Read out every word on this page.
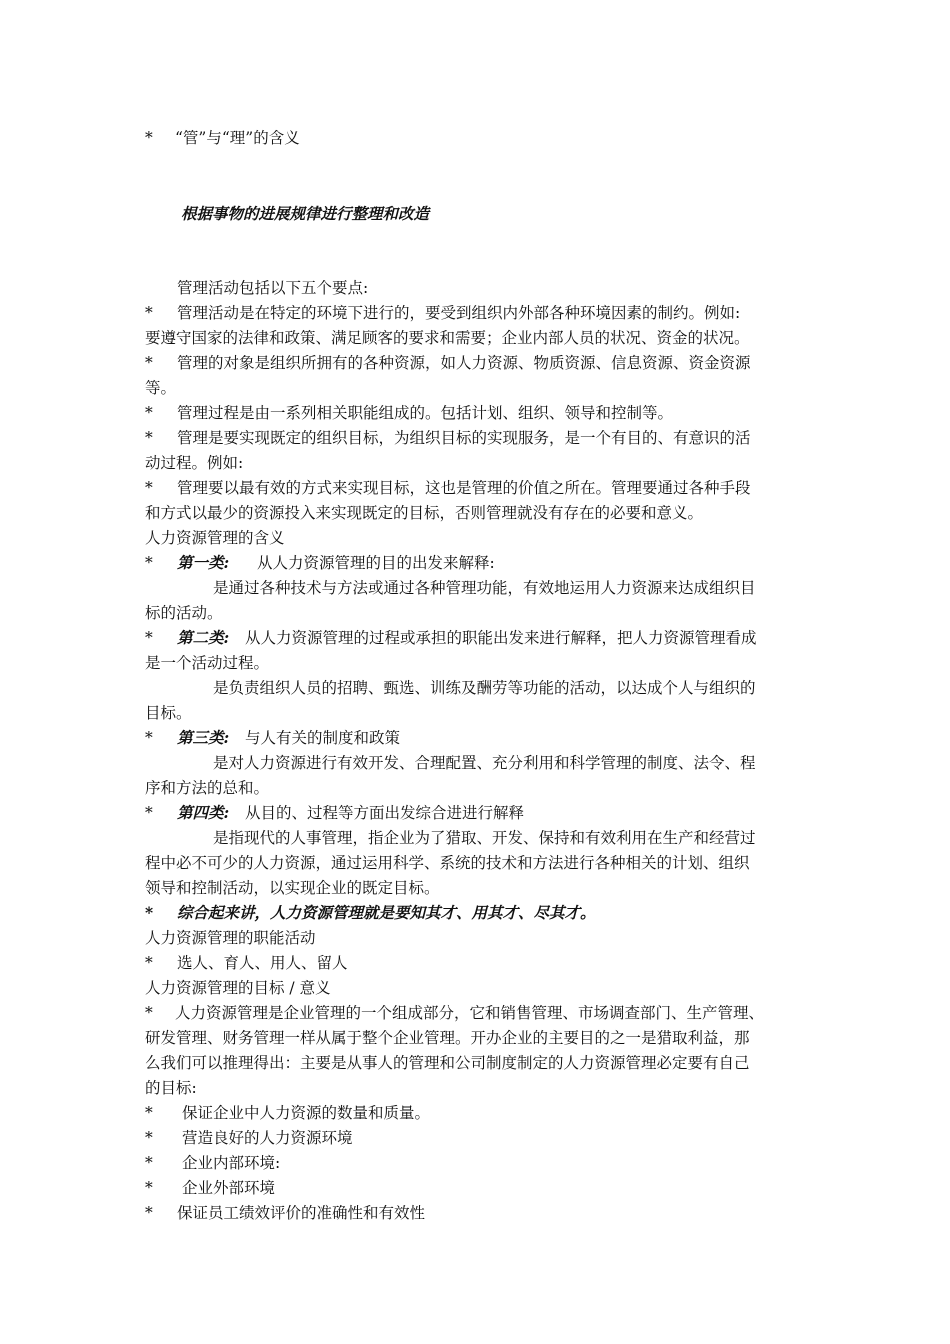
* “管”与“理”的含义
根据事物的进展规律进行整理和改造
管理活动包括以下五个要点:
* 管理活动是在特定的环境下进行的，要受到组织内外部各种环境因素的制约。例如:
要遵守国家的法律和政策、满足顾客的要求和需要；企业内部人员的状况、资金的状况。
* 管理的对象是组织所拥有的各种资源，如人力资源、物质资源、信息资源、资金资源
等。
* 管理过程是由一系列相关职能组成的。包括计划、组织、领导和控制等。
* 管理是要实现既定的组织目标，为组织目标的实现服务，是一个有目的、有意识的活
动过程。例如:
* 管理要以最有效的方式来实现目标，这也是管理的价值之所在。管理要通过各种手段
和方式以最少的资源投入来实现既定的目标，否则管理就没有存在的必要和意义。
人力资源管理的含义
* 第一类: 从人力资源管理的目的出发来解释:
是通过各种技术与方法或通过各种管理功能，有效地运用人力资源来达成组织目
标的活动。
* 第二类: 从人力资源管理的过程或承担的职能出发来进行解释，把人力资源管理看成
是一个活动过程。
是负责组织人员的招聘、甄选、训练及酬劳等功能的活动，以达成个人与组织的
目标。
* 第三类: 与人有关的制度和政策
是对人力资源进行有效开发、合理配置、充分利用和科学管理的制度、法令、程
序和方法的总和。
* 第四类: 从目的、过程等方面出发综合进进行解释
是指现代的人事管理，指企业为了猎取、开发、保持和有效利用在生产和经营过
程中必不可少的人力资源，通过运用科学、系统的技术和方法进行各种相关的计划、组织
领导和控制活动，以实现企业的既定目标。
* 综合起来讲，人力资源管理就是要知其才、用其才、尽其才。
人力资源管理的职能活动
* 选人、育人、用人、留人
人力资源管理的目标 / 意义
* 人力资源管理是企业管理的一个组成部分，它和销售管理、市场调查部门、生产管理、
研发管理、财务管理一样从属于整个企业管理。开办企业的主要目的之一是猎取利益，那
么我们可以推理得出：主要是从事人的管理和公司制度制定的人力资源管理必定要有自己
的目标:
* 保证企业中人力资源的数量和质量。
* 营造良好的人力资源环境
* 企业内部环境:
* 企业外部环境
* 保证员工绩效评价的准确性和有效性
